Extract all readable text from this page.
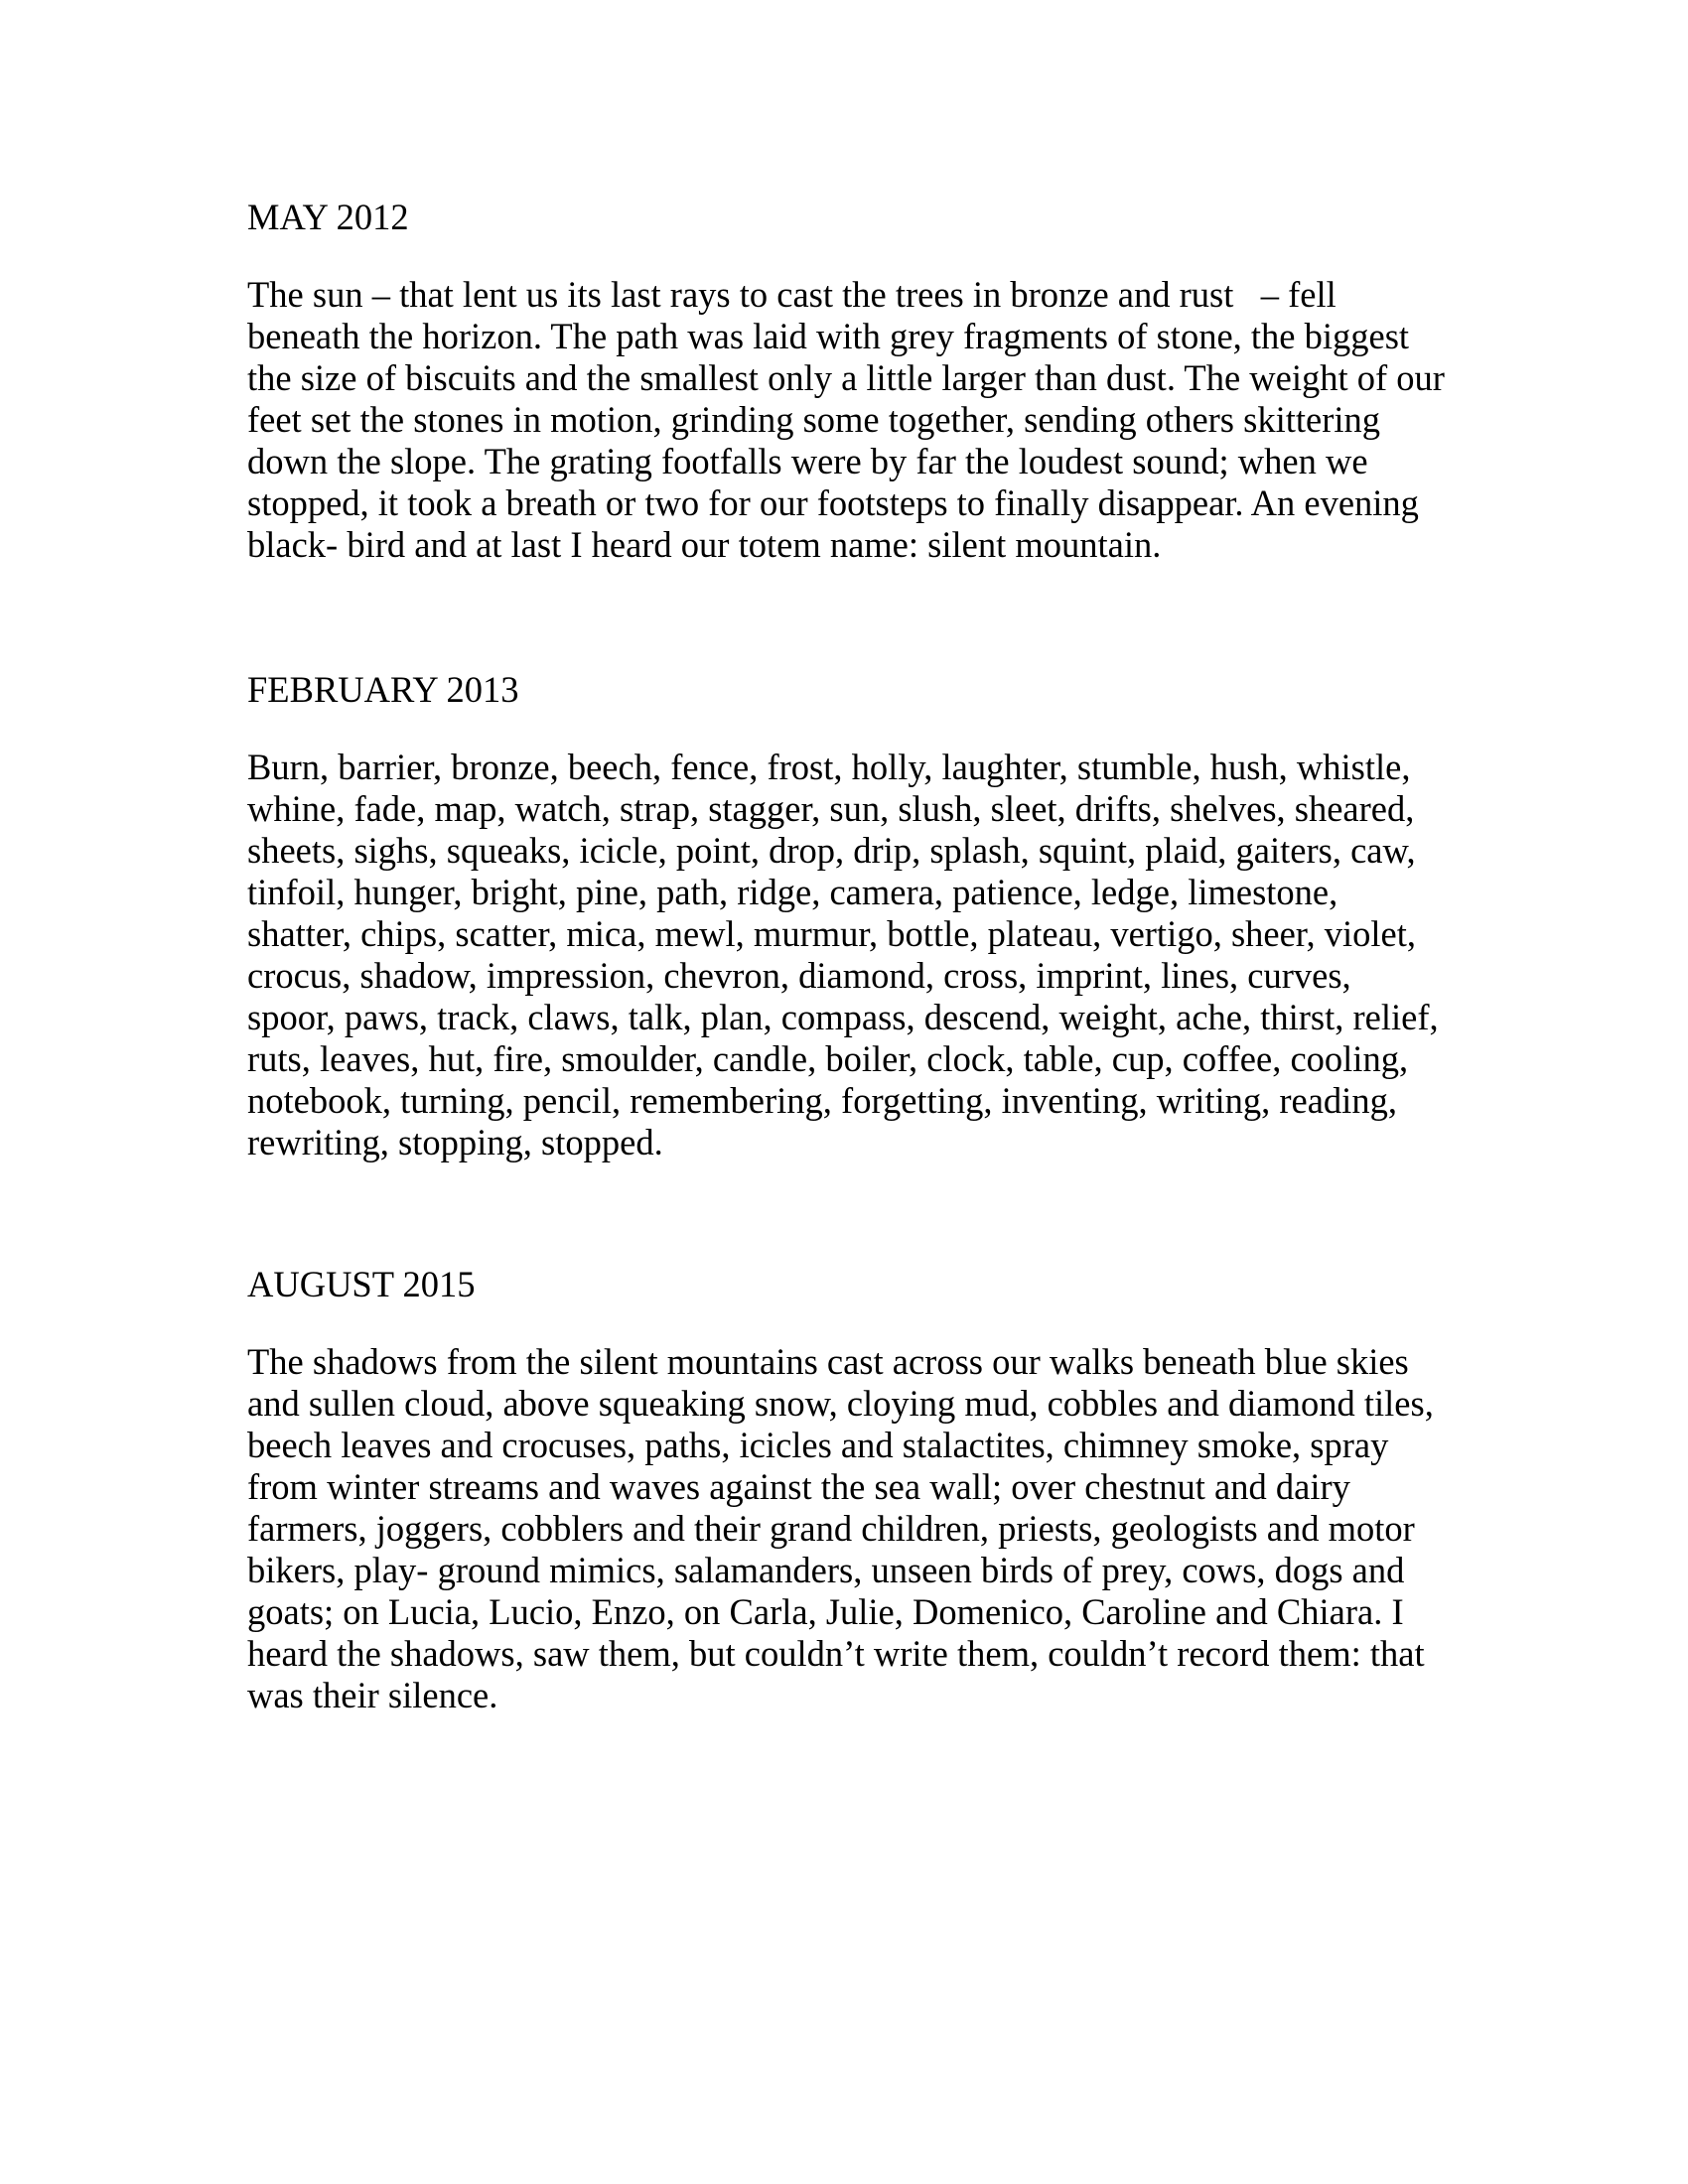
MAY 2012
The sun – that lent us its last rays to cast the trees in bronze and rust   – fell
beneath the horizon. The path was laid with grey fragments of stone, the biggest
the size of biscuits and the smallest only a little larger than dust. The weight of our
feet set the stones in motion, grinding some together, sending others skittering
down the slope. The grating footfalls were by far the loudest sound; when we
stopped, it took a breath or two for our footsteps to finally disappear. An evening
black- bird and at last I heard our totem name: silent mountain.
FEBRUARY 2013
Burn, barrier, bronze, beech, fence, frost, holly, laughter, stumble, hush, whistle,
whine, fade, map, watch, strap, stagger, sun, slush, sleet, drifts, shelves, sheared,
sheets, sighs, squeaks, icicle, point, drop, drip, splash, squint, plaid, gaiters, caw,
tinfoil, hunger, bright, pine, path, ridge, camera, patience, ledge, limestone,
shatter, chips, scatter, mica, mewl, murmur, bottle, plateau, vertigo, sheer, violet,
crocus, shadow, impression, chevron, diamond, cross, imprint, lines, curves,
spoor, paws, track, claws, talk, plan, compass, descend, weight, ache, thirst, relief,
ruts, leaves, hut, fire, smoulder, candle, boiler, clock, table, cup, coffee, cooling,
notebook, turning, pencil, remembering, forgetting, inventing, writing, reading,
rewriting, stopping, stopped.
AUGUST 2015
The shadows from the silent mountains cast across our walks beneath blue skies
and sullen cloud, above squeaking snow, cloying mud, cobbles and diamond tiles,
beech leaves and crocuses, paths, icicles and stalactites, chimney smoke, spray
from winter streams and waves against the sea wall; over chestnut and dairy
farmers, joggers, cobblers and their grand children, priests, geologists and motor
bikers, play- ground mimics, salamanders, unseen birds of prey, cows, dogs and
goats; on Lucia, Lucio, Enzo, on Carla, Julie, Domenico, Caroline and Chiara. I
heard the shadows, saw them, but couldn’t write them, couldn’t record them: that
was their silence.
